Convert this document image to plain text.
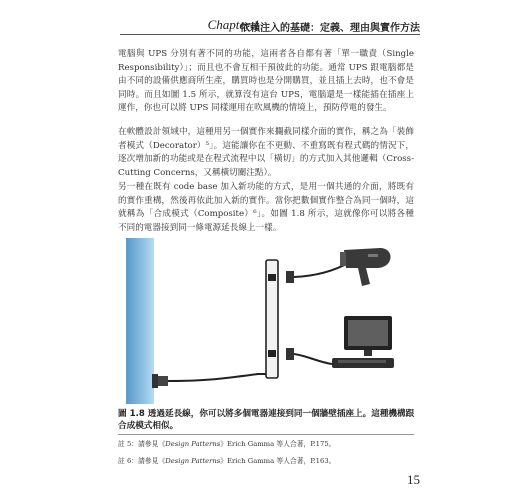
Chapter 1
依賴注入的基礎：定義、理由與實作方法

電腦與 UPS 分別有著不同的功能，這兩者各自都有著「單一職責（Single Responsibility）」；而且也不會互相干預彼此的功能。通常 UPS 跟電腦都是由不同的設備供應商所生產，購買時也是分開購買，並且插上去時，也不會是同時。而且如圖 1.5 所示，就算沒有這台 UPS，電腦還是一樣能插在插座上運作，你也可以將 UPS 同樣運用在吹風機的情境上，預防停電的發生。

在軟體設計領域中，這種用另一個實作來攔截同樣介面的實作，稱之為「裝飾者模式（Decorator）⁵」。這能讓你在不更動、不重寫既有程式碼的情況下，逐次增加新的功能或是在程式流程中以「橫切」的方式加入其他邏輯（Cross-Cutting Concerns，又稱橫切關注點）。

另一種在既有 code base 加入新功能的方式，是用一個共通的介面，將既有的實作重構，然後再依此加入新的實作。當你把數個實作整合為同一個時，這就稱為「合成模式（Composite）⁶」。如圖 1.8 所示，這就像你可以將各種不同的電器接到同一條電源延長線上一樣。

圖 1.8 透過延長線，你可以將多個電器連接到同一個牆壁插座上。這種機構跟合成模式相似。
註 5：請參見《Design Patterns》Erich Gamma 等人合著，P.175。
註 6：請參見《Design Patterns》Erich Gamma 等人合著，P.163。
15
